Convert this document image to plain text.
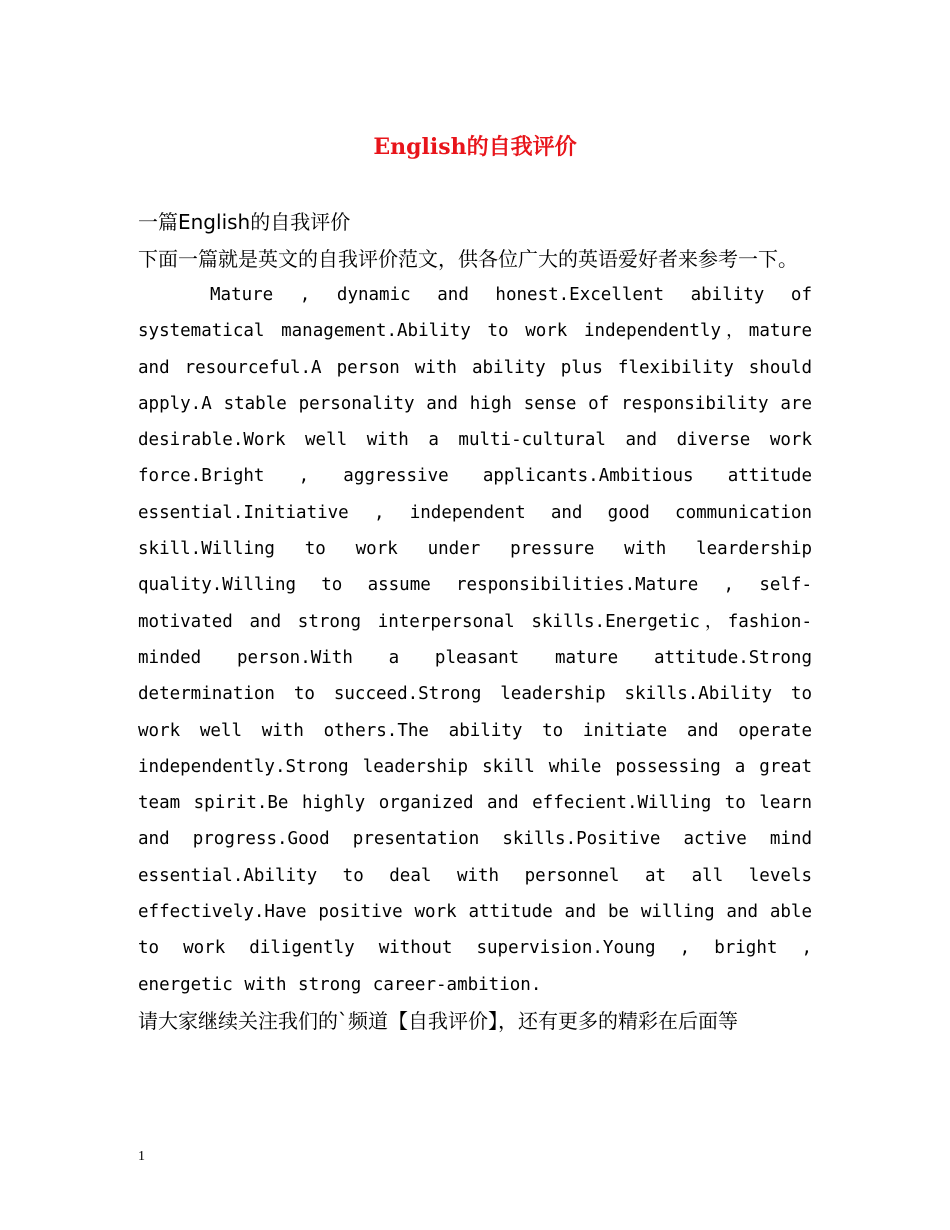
English的自我评价

一篇English的自我评价

下面一篇就是英文的自我评价范文，供各位广大的英语爱好者来参考一下。

Mature , dynamic and honest.Excellent ability of systematical management.Ability to work independently，mature and resourceful.A person with ability plus flexibility should apply.A stable personality and high sense of responsibility are desirable.Work well with a multi-cultural and diverse work force.Bright , aggressive applicants.Ambitious attitude essential.Initiative , independent and good communication skill.Willing to work under pressure with leardership quality.Willing to assume responsibilities.Mature , self-motivated and strong interpersonal skills.Energetic，fashion-minded person.With a pleasant mature attitude.Strong determination to succeed.Strong leadership skills.Ability to work well with others.The ability to initiate and operate independently.Strong leadership skill while possessing a great team spirit.Be highly organized and effecient.Willing to learn and progress.Good presentation skills.Positive active mind essential.Ability to deal with personnel at all levels effectively.Have positive work attitude and be willing and able to work diligently without supervision.Young , bright , energetic with strong career-ambition.

请大家继续关注我们的`频道【自我评价】，还有更多的精彩在后面等

1
